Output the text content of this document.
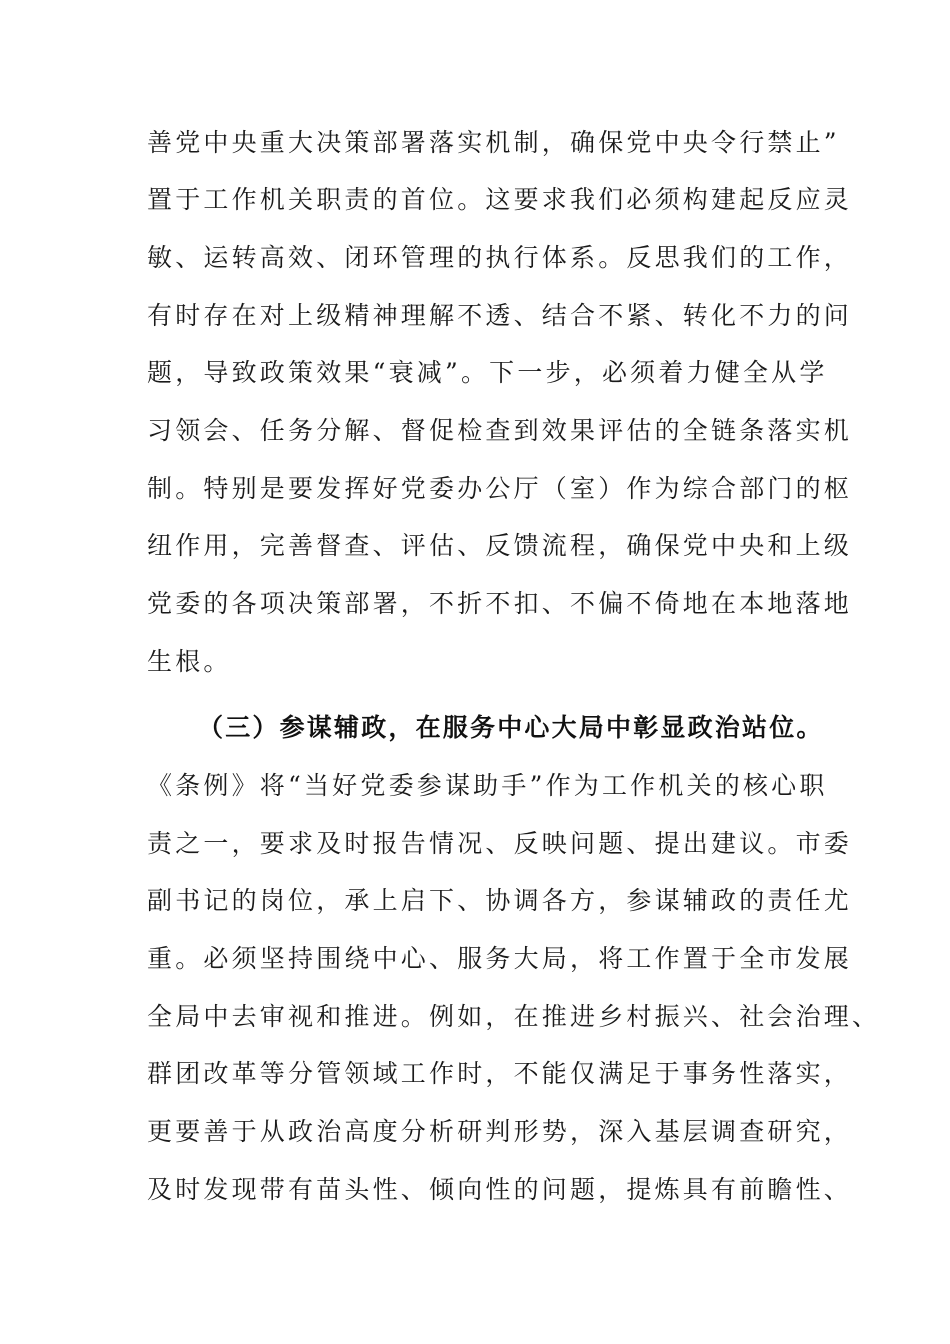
善党中央重大决策部署落实机制，确保党中央令行禁止”
置于工作机关职责的首位。这要求我们必须构建起反应灵
敏、运转高效、闭环管理的执行体系。反思我们的工作，
有时存在对上级精神理解不透、结合不紧、转化不力的问
题，导致政策效果“衰减”。下一步，必须着力健全从学
习领会、任务分解、督促检查到效果评估的全链条落实机
制。特别是要发挥好党委办公厅（室）作为综合部门的枢
纽作用，完善督查、评估、反馈流程，确保党中央和上级
党委的各项决策部署，不折不扣、不偏不倚地在本地落地
生根。
（三）参谋辅政，在服务中心大局中彰显政治站位。
《条例》将“当好党委参谋助手”作为工作机关的核心职
责之一，要求及时报告情况、反映问题、提出建议。市委
副书记的岗位，承上启下、协调各方，参谋辅政的责任尤
重。必须坚持围绕中心、服务大局，将工作置于全市发展
全局中去审视和推进。例如，在推进乡村振兴、社会治理、
群团改革等分管领域工作时，不能仅满足于事务性落实，
更要善于从政治高度分析研判形势，深入基层调查研究，
及时发现带有苗头性、倾向性的问题，提炼具有前瞻性、
